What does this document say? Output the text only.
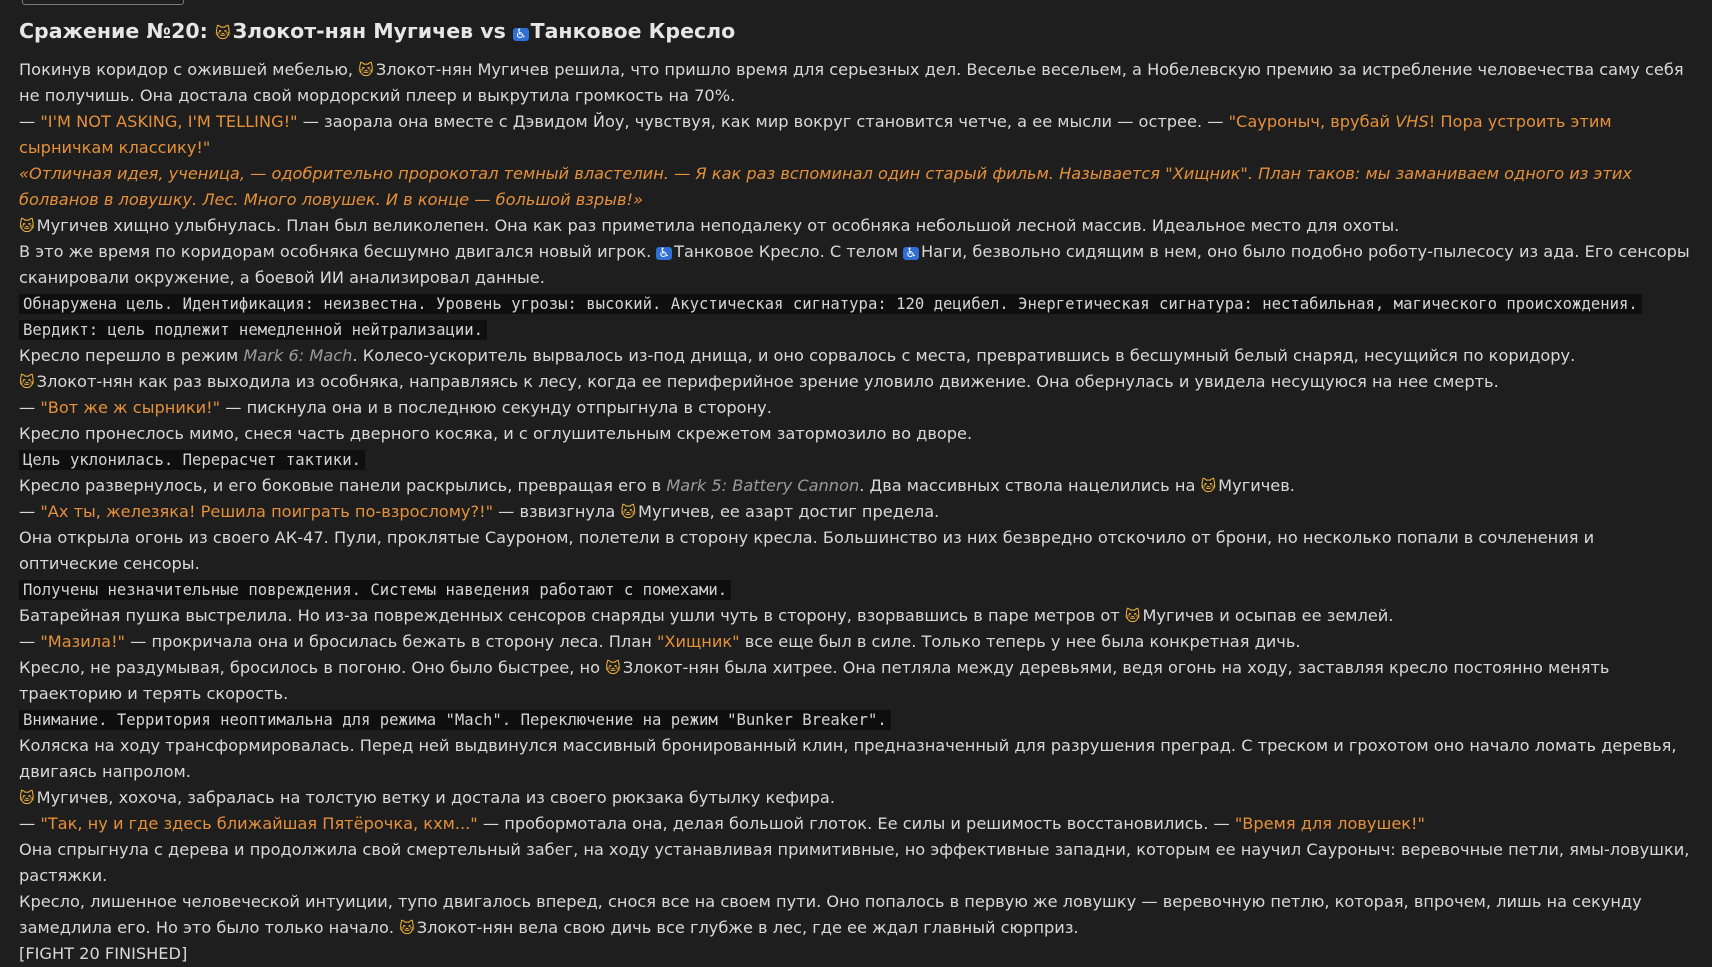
Сражение №20: 🐱Злокот-нян Мугичев vs ♿ Танковое Кресло
Покинув коридор с ожившей мебелью, 🐱 Злокот-нян Мугичев решила, что пришло время для серьезных дел. Веселье весельем, а Нобелевскую премию за истребление человечества саму себя не получишь. Она достала свой мордорский плеер и выкрутила громкость на 70%.
— "I'M NOT ASKING, I'M TELLING!" — заорала она вместе с Дэвидом Йоу, чувствуя, как мир вокруг становится четче, а ее мысли — острее. — "Сауроныч, врубай VHS! Пора устроить этим сырничкам классику!"
«Отличная идея, ученица, — одобрительно пророкотал темный властелин. — Я как раз вспоминал один старый фильм. Называется "Хищник". План таков: мы заманиваем одного из этих болванов в ловушку. Лес. Много ловушек. И в конце — большой взрыв!»
🐱 Мугичев хищно улыбнулась. План был великолепен. Она как раз приметила неподалеку от особняка небольшой лесной массив. Идеальное место для охоты.
В это же время по коридорам особняка бесшумно двигался новый игрок. ♿ Танковое Кресло. С телом ♿ Наги, безвольно сидящим в нем, оно было подобно роботу-пылесосу из ада. Его сенсоры сканировали окружение, а боевой ИИ анализировал данные.
Обнаружена цель. Идентификация: неизвестна. Уровень угрозы: высокий. Акустическая сигнатура: 120 децибел. Энергетическая сигнатура: нестабильная, магического происхождения. Вердикт: цель подлежит немедленной нейтрализации.
Кресло перешло в режим Mark 6: Mach. Колесо-ускоритель вырвалось из-под днища, и оно сорвалось с места, превратившись в бесшумный белый снаряд, несущийся по коридору.
🐱 Злокот-нян как раз выходила из особняка, направляясь к лесу, когда ее периферийное зрение уловило движение. Она обернулась и увидела несущуюся на нее смерть.
— "Вот же ж сырники!" — пискнула она и в последнюю секунду отпрыгнула в сторону.
Кресло пронеслось мимо, снеся часть дверного косяка, и с оглушительным скрежетом затормозило во дворе.
Цель уклонилась. Перерасчет тактики.
Кресло развернулось, и его боковые панели раскрылись, превращая его в Mark 5: Battery Cannon. Два массивных ствола нацелились на 🐱 Мугичев.
— "Ах ты, железяка! Решила поиграть по-взрослому?!" — взвизгнула 🐱 Мугичев, ее азарт достиг предела.
Она открыла огонь из своего АК-47. Пули, проклятые Сауроном, полетели в сторону кресла. Большинство из них безвредно отскочило от брони, но несколько попали в сочленения и оптические сенсоры.
Получены незначительные повреждения. Системы наведения работают с помехами.
Батарейная пушка выстрелила. Но из-за поврежденных сенсоров снаряды ушли чуть в сторону, взорвавшись в паре метров от 🐱 Мугичев и осыпав ее землей.
— "Мазила!" — прокричала она и бросилась бежать в сторону леса. План "Хищник" все еще был в силе. Только теперь у нее была конкретная дичь.
Кресло, не раздумывая, бросилось в погоню. Оно было быстрее, но 🐱 Злокот-нян была хитрее. Она петляла между деревьями, ведя огонь на ходу, заставляя кресло постоянно менять траекторию и терять скорость.
Внимание. Территория неоптимальна для режима "Mach". Переключение на режим "Bunker Breaker".
Коляска на ходу трансформировалась. Перед ней выдвинулся массивный бронированный клин, предназначенный для разрушения преград. С треском и грохотом оно начало ломать деревья, двигаясь напролом.
🐱 Мугичев, хохоча, забралась на толстую ветку и достала из своего рюкзака бутылку кефира.
— "Так, ну и где здесь ближайшая Пятёрочка, кхм..." — пробормотала она, делая большой глоток. Ее силы и решимость восстановились. — "Время для ловушек!"
Она спрыгнула с дерева и продолжила свой смертельный забег, на ходу устанавливая примитивные, но эффективные западни, которым ее научил Сауроныч: веревочные петли, ямы-ловушки, растяжки.
Кресло, лишенное человеческой интуиции, тупо двигалось вперед, снося все на своем пути. Оно попалось в первую же ловушку — веревочную петлю, которая, впрочем, лишь на секунду замедлила его. Но это было только начало. 🐱 Злокот-нян вела свою дичь все глубже в лес, где ее ждал главный сюрприз.
[FIGHT 20 FINISHED]
